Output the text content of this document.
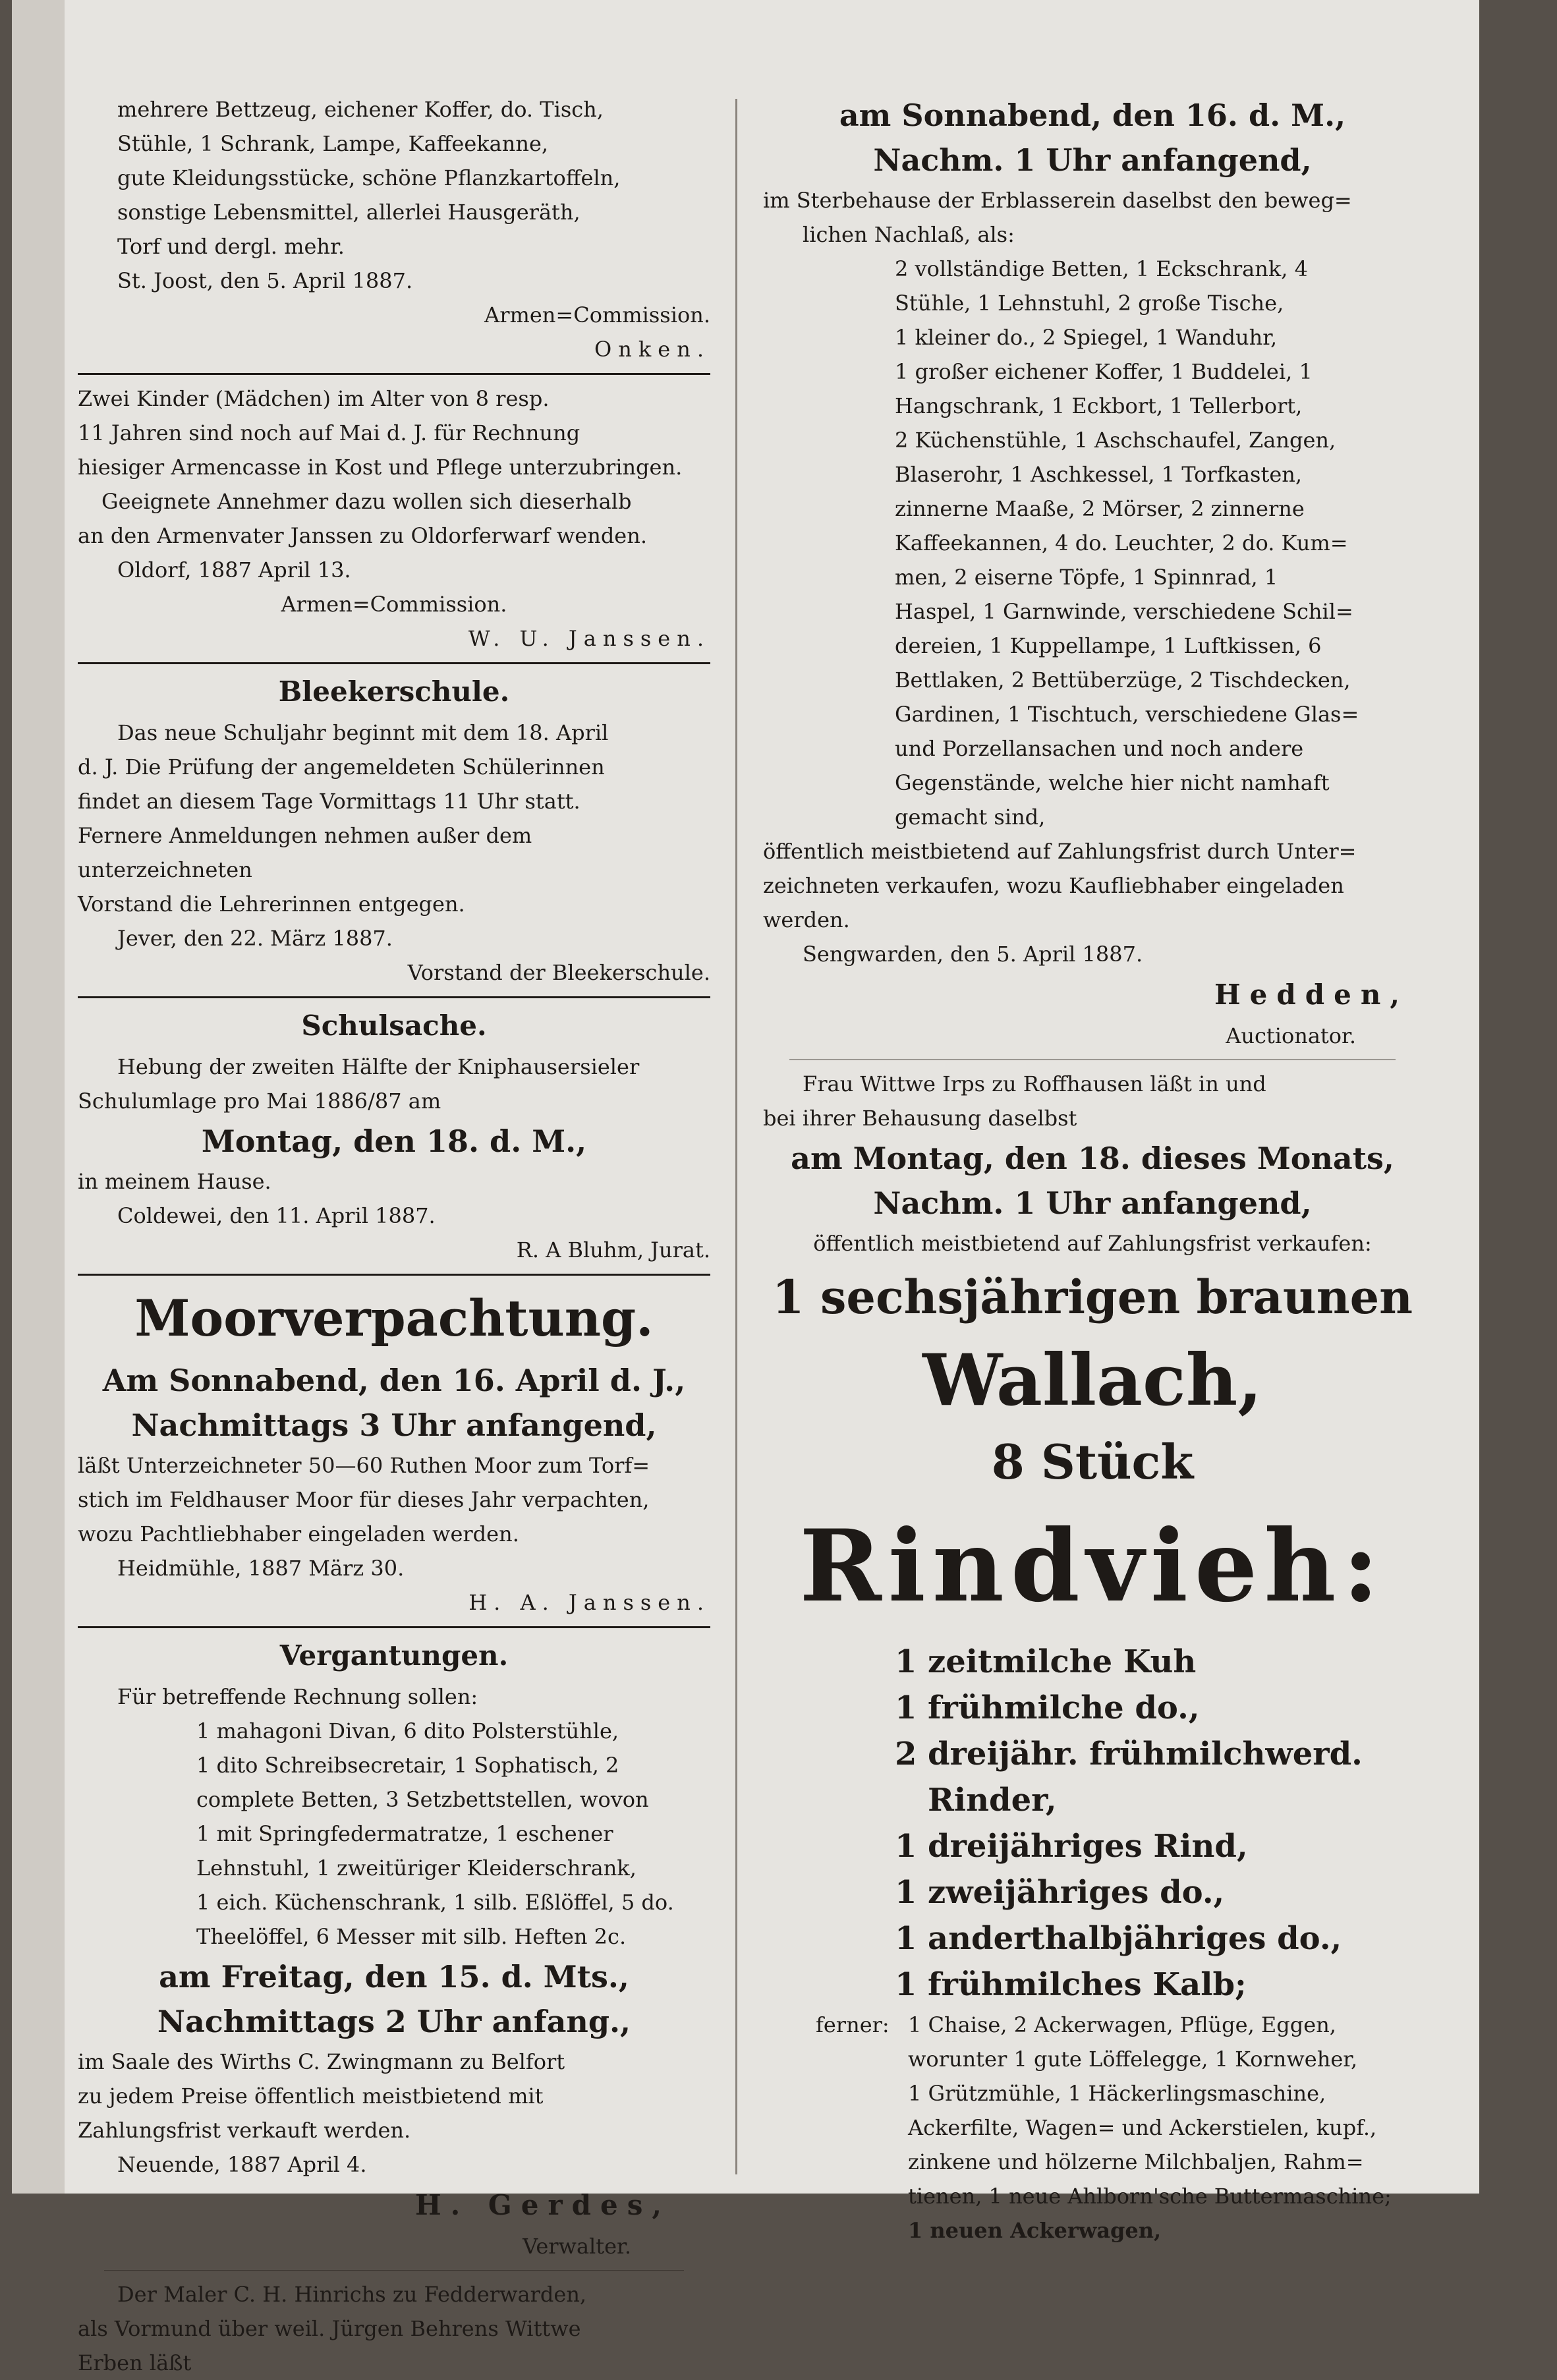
mehrere Bettzeug, eichener Koffer, do. Tisch,

Stühle, 1 Schrank, Lampe, Kaffeekanne,

gute Kleidungsstücke, schöne Pflanzkartoffeln,

sonstige Lebensmittel, allerlei Hausgeräth,

Torf und dergl. mehr.

St. Joost, den 5. April 1887.

Armen=Commission.

Onken.

Zwei Kinder (Mädchen) im Alter von 8 resp.

11 Jahren sind noch auf Mai d. J. für Rechnung

hiesiger Armencasse in Kost und Pflege unterzubringen.

Geeignete Annehmer dazu wollen sich dieserhalb

an den Armenvater Janssen zu Oldorferwarf wenden.

Oldorf, 1887 April 13.

Armen=Commission.

W. U. Janssen.

Bleekerschule.

Das neue Schuljahr beginnt mit dem 18. April

d. J. Die Prüfung der angemeldeten Schülerinnen

findet an diesem Tage Vormittags 11 Uhr statt.

Fernere Anmeldungen nehmen außer dem unterzeichneten

Vorstand die Lehrerinnen entgegen.

Jever, den 22. März 1887.

Vorstand der Bleekerschule.

Schulsache.

Hebung der zweiten Hälfte der Kniphausersieler

Schulumlage pro Mai 1886/87 am

Montag, den 18. d. M.,

in meinem Hause.

Coldewei, den 11. April 1887.

R. A Bluhm, Jurat.

Moorverpachtung.

Am Sonnabend, den 16. April d. J.,

Nachmittags 3 Uhr anfangend,

läßt Unterzeichneter 50—60 Ruthen Moor zum Torf=

stich im Feldhauser Moor für dieses Jahr verpachten,

wozu Pachtliebhaber eingeladen werden.

Heidmühle, 1887 März 30.

H. A. Janssen.

Vergantungen.

Für betreffende Rechnung sollen:

1 mahagoni Divan, 6 dito Polsterstühle,

1 dito Schreibsecretair, 1 Sophatisch, 2

complete Betten, 3 Setzbettstellen, wovon

1 mit Springfedermatratze, 1 eschener

Lehnstuhl, 1 zweitüriger Kleiderschrank,

1 eich. Küchenschrank, 1 silb. Eßlöffel, 5 do.

Theelöffel, 6 Messer mit silb. Heften 2c.

am Freitag, den 15. d. Mts.,

Nachmittags 2 Uhr anfang.,

im Saale des Wirths C. Zwingmann zu Belfort

zu jedem Preise öffentlich meistbietend mit

Zahlungsfrist verkauft werden.

Neuende, 1887 April 4.

H. Gerdes,

Verwalter.

Der Maler C. H. Hinrichs zu Fedderwarden,

als Vormund über weil. Jürgen Behrens Wittwe

Erben läßt

am Sonnabend, den 16. d. M.,

Nachm. 1 Uhr anfangend,

im Sterbehause der Erblasserein daselbst den beweg=

lichen Nachlaß, als:

2 vollständige Betten, 1 Eckschrank, 4

Stühle, 1 Lehnstuhl, 2 große Tische,

1 kleiner do., 2 Spiegel, 1 Wanduhr,

1 großer eichener Koffer, 1 Buddelei, 1

Hangschrank, 1 Eckbort, 1 Tellerbort,

2 Küchenstühle, 1 Aschschaufel, Zangen,

Blaserohr, 1 Aschkessel, 1 Torfkasten,

zinnerne Maaße, 2 Mörser, 2 zinnerne

Kaffeekannen, 4 do. Leuchter, 2 do. Kum=

men, 2 eiserne Töpfe, 1 Spinnrad, 1

Haspel, 1 Garnwinde, verschiedene Schil=

dereien, 1 Kuppellampe, 1 Luftkissen, 6

Bettlaken, 2 Bettüberzüge, 2 Tischdecken,

Gardinen, 1 Tischtuch, verschiedene Glas=

und Porzellansachen und noch andere

Gegenstände, welche hier nicht namhaft

gemacht sind,

öffentlich meistbietend auf Zahlungsfrist durch Unter=

zeichneten verkaufen, wozu Kaufliebhaber eingeladen

werden.

Sengwarden, den 5. April 1887.

Hedden,

Auctionator.

Frau Wittwe Irps zu Roffhausen läßt in und

bei ihrer Behausung daselbst

am Montag, den 18. dieses Monats,

Nachm. 1 Uhr anfangend,

öffentlich meistbietend auf Zahlungsfrist verkaufen:

1 sechsjährigen braunen

Wallach,

8 Stück

Rindvieh:

1 zeitmilche Kuh

1 frühmilche do.,

2 dreijähr. frühmilchwerd.

Rinder,

1 dreijähriges Rind,

1 zweijähriges do.,

1 anderthalbjähriges do.,

1 frühmilches Kalb;

ferner: 1 Chaise, 2 Ackerwagen, Pflüge, Eggen,

worunter 1 gute Löffelegge, 1 Kornweher,

1 Grützmühle, 1 Häckerlingsmaschine,

Ackerfilte, Wagen= und Ackerstielen, kupf.,

zinkene und hölzerne Milchbaljen, Rahm=

tienen, 1 neue Ahlborn'sche Buttermaschine;

1 neuen Ackerwagen,
